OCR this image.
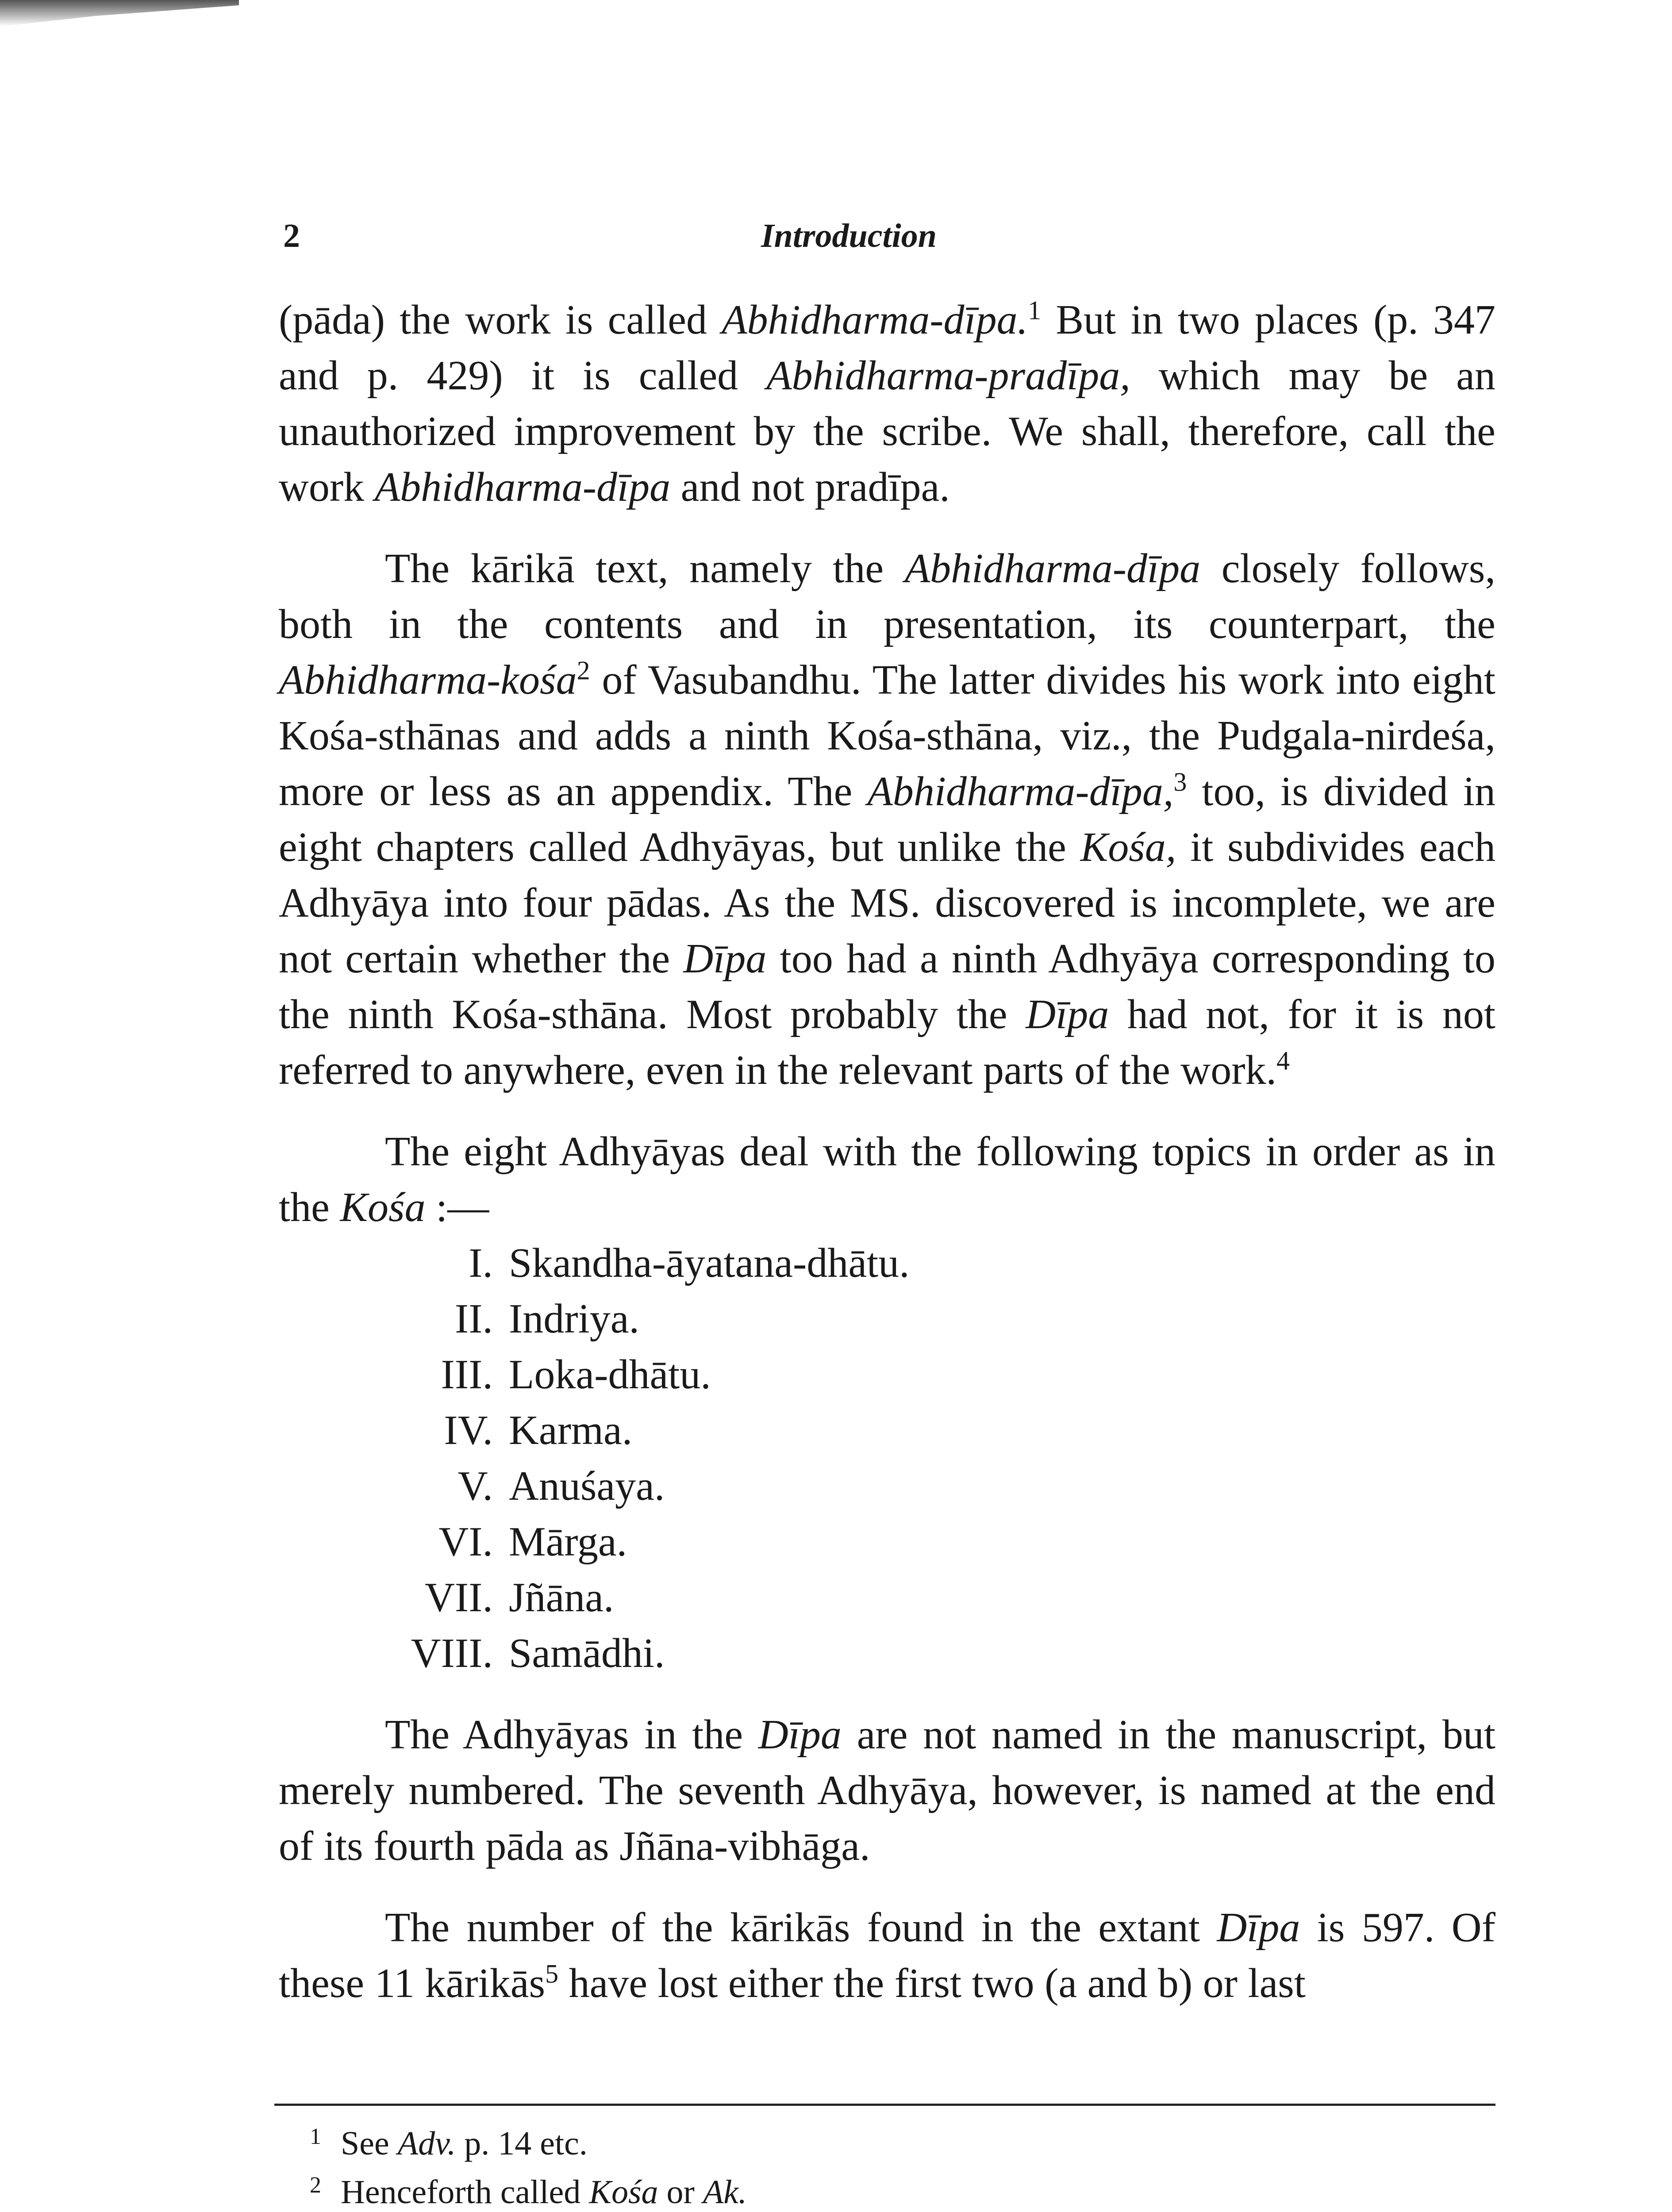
2	Introduction

(pāda) the work is called Abhidharma-dīpa.$^1$ But in two places (p. 347 and p. 429) it is called Abhidharma-pradīpa, which may be an unauthorized improvement by the scribe. We shall, therefore, call the work Abhidharma-dīpa and not pradīpa.

The kārikā text, namely the Abhidharma-dīpa closely follows, both in the contents and in presentation, its counterpart, the Abhidharma-kośa$^2$ of Vasubandhu. The latter divides his work into eight Kośa-sthānas and adds a ninth Kośa-sthāna, viz., the Pudgala-nirdeśa, more or less as an appendix. The Abhidharma-dīpa,$^3$ too, is divided in eight chapters called Adhyāyas, but unlike the Kośa, it subdivides each Adhyāya into four pādas. As the MS. discovered is incomplete, we are not certain whether the Dīpa too had a ninth Adhyāya corresponding to the ninth Kośa-sthāna. Most probably the Dīpa had not, for it is not referred to anywhere, even in the relevant parts of the work.$^4$

The eight Adhyāyas deal with the following topics in order as in the Kośa :—

I. Skandha-āyatana-dhātu.
II. Indriya.
III. Loka-dhātu.
IV. Karma.
V. Anuśaya.
VI. Mārga.
VII. Jñāna.
VIII. Samādhi.

The Adhyāyas in the Dīpa are not named in the manuscript, but merely numbered. The seventh Adhyāya, however, is named at the end of its fourth pāda as Jñāna-vibhāga.

The number of the kārikās found in the extant Dīpa is 597. Of these 11 kārikās$^5$ have lost either the first two (a and b) or last

1 See Adv. p. 14 etc.
2 Henceforth called Kośa or Ak.
